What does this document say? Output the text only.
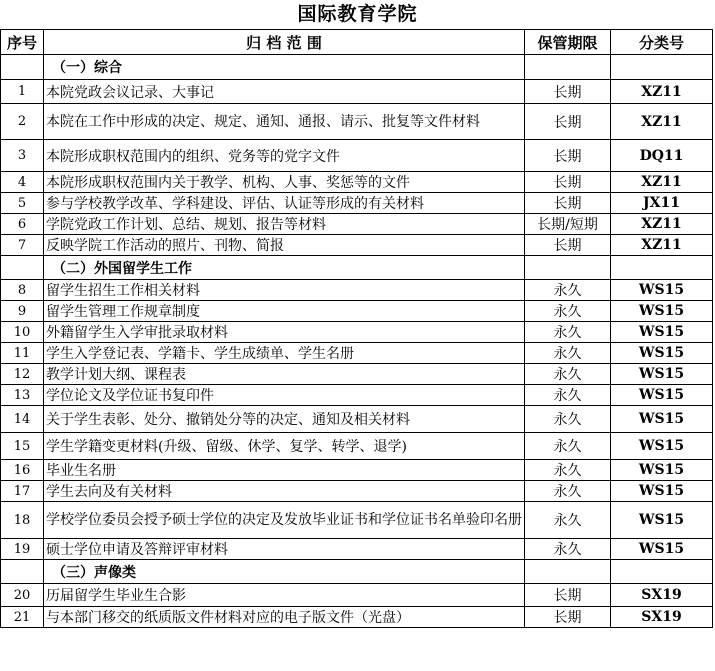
国际教育学院
序号	归 档 范 围	保管期限	分类号
	（一）综合		
1	本院党政会议记录、大事记	长期	XZ11
2	本院在工作中形成的决定、规定、通知、通报、请示、批复等文件材料	长期	XZ11
3	本院形成职权范围内的组织、党务等的党字文件	长期	DQ11
4	本院形成职权范围内关于教学、机构、人事、奖惩等的文件	长期	XZ11
5	参与学校教学改革、学科建设、评估、认证等形成的有关材料	长期	JX11
6	学院党政工作计划、总结、规划、报告等材料	长期/短期	XZ11
7	反映学院工作活动的照片、刊物、简报	长期	XZ11
	（二）外国留学生工作		
8	留学生招生工作相关材料	永久	WS15
9	留学生管理工作规章制度	永久	WS15
10	外籍留学生入学审批录取材料	永久	WS15
11	学生入学登记表、学籍卡、学生成绩单、学生名册	永久	WS15
12	教学计划大纲、课程表	永久	WS15
13	学位论文及学位证书复印件	永久	WS15
14	关于学生表彰、处分、撤销处分等的决定、通知及相关材料	永久	WS15
15	学生学籍变更材料(升级、留级、休学、复学、转学、退学)	永久	WS15
16	毕业生名册	永久	WS15
17	学生去向及有关材料	永久	WS15
18	学校学位委员会授予硕士学位的决定及发放毕业证书和学位证书名单验印名册	永久	WS15
19	硕士学位申请及答辩评审材料	永久	WS15
	（三）声像类		
20	历届留学生毕业生合影	长期	SX19
21	与本部门移交的纸质版文件材料对应的电子版文件（光盘）	长期	SX19
